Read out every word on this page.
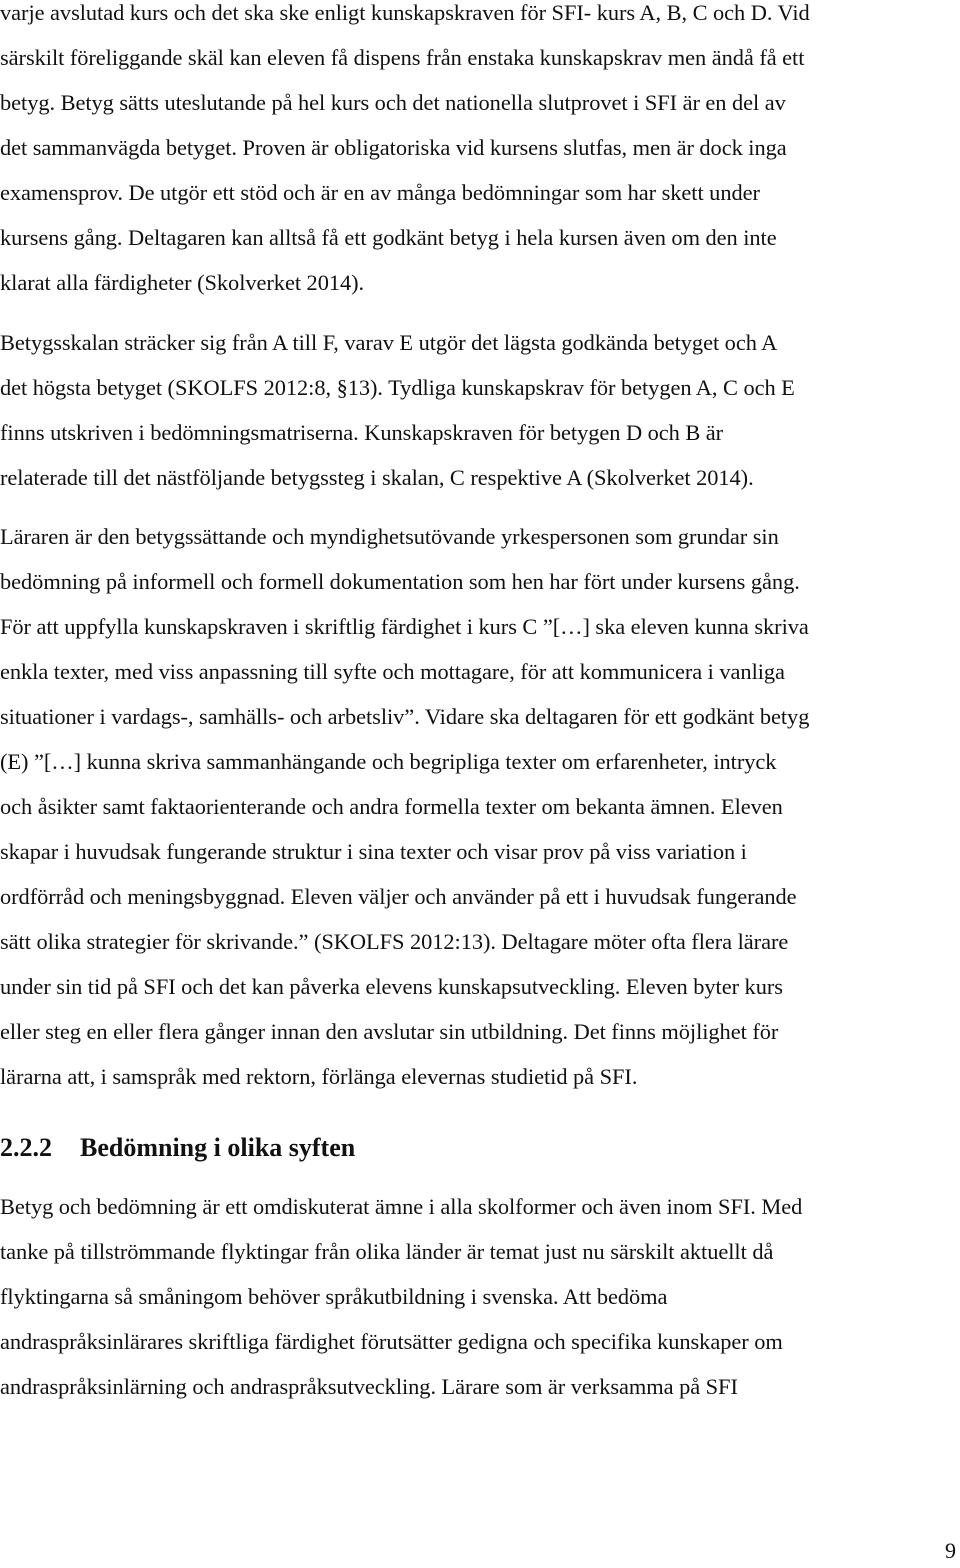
varje avslutad kurs och det ska ske enligt kunskapskraven för SFI- kurs A, B, C och D. Vid
särskilt föreliggande skäl kan eleven få dispens från enstaka kunskapskrav men ändå få ett
betyg. Betyg sätts uteslutande på hel kurs och det nationella slutprovet i SFI är en del av
det sammanvägda betyget. Proven är obligatoriska vid kursens slutfas, men är dock inga
examensprov. De utgör ett stöd och är en av många bedömningar som har skett under
kursens gång. Deltagaren kan alltså få ett godkänt betyg i hela kursen även om den inte
klarat alla färdigheter (Skolverket 2014).

Betygsskalan sträcker sig från A till F, varav E utgör det lägsta godkända betyget och A
det högsta betyget (SKOLFS 2012:8, §13). Tydliga kunskapskrav för betygen A, C och E
finns utskriven i bedömningsmatriserna. Kunskapskraven för betygen D och B är
relaterade till det nästföljande betygssteg i skalan, C respektive A (Skolverket 2014).

Läraren är den betygssättande och myndighetsutövande yrkespersonen som grundar sin
bedömning på informell och formell dokumentation som hen har fört under kursens gång.
För att uppfylla kunskapskraven i skriftlig färdighet i kurs C ”[…] ska eleven kunna skriva
enkla texter, med viss anpassning till syfte och mottagare, för att kommunicera i vanliga
situationer i vardags-, samhälls- och arbetsliv”. Vidare ska deltagaren för ett godkänt betyg
(E) ”[…] kunna skriva sammanhängande och begripliga texter om erfarenheter, intryck
och åsikter samt faktaorienterande och andra formella texter om bekanta ämnen. Eleven
skapar i huvudsak fungerande struktur i sina texter och visar prov på viss variation i
ordförråd och meningsbyggnad. Eleven väljer och använder på ett i huvudsak fungerande
sätt olika strategier för skrivande.” (SKOLFS 2012:13). Deltagare möter ofta flera lärare
under sin tid på SFI och det kan påverka elevens kunskapsutveckling. Eleven byter kurs
eller steg en eller flera gånger innan den avslutar sin utbildning. Det finns möjlighet för
lärarna att, i samspråk med rektorn, förlänga elevernas studietid på SFI.

2.2.2 Bedömning i olika syften

Betyg och bedömning är ett omdiskuterat ämne i alla skolformer och även inom SFI. Med
tanke på tillströmmande flyktingar från olika länder är temat just nu särskilt aktuellt då
flyktingarna så småningom behöver språkutbildning i svenska. Att bedöma
andraspråksinlärares skriftliga färdighet förutsätter gedigna och specifika kunskaper om
andraspråksinlärning och andraspråksutveckling. Lärare som är verksamma på SFI

9
